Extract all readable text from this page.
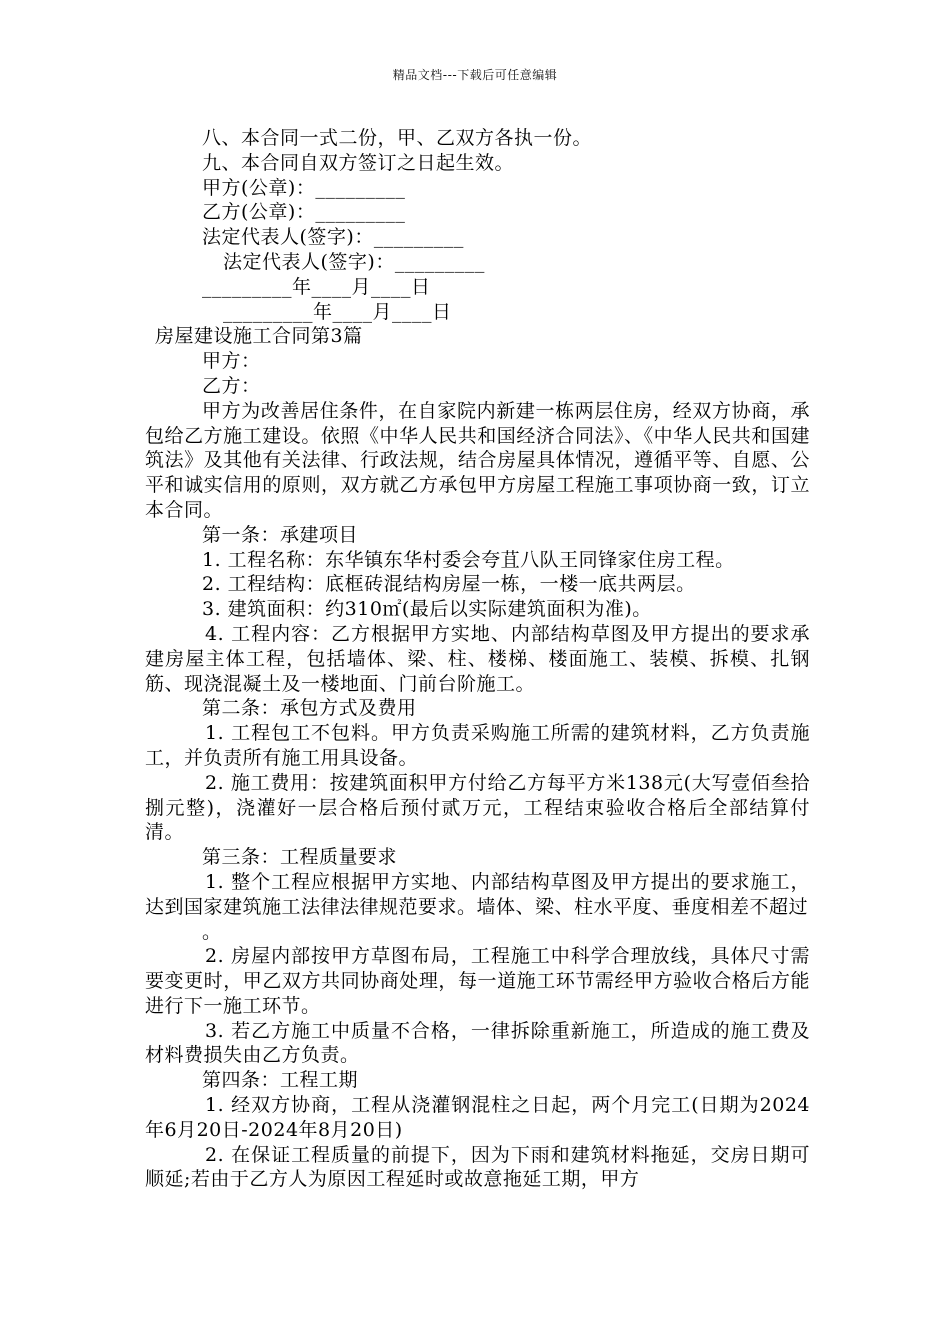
精品文档---下载后可任意编辑
八、本合同一式二份，甲、乙双方各执一份。
九、本合同自双方签订之日起生效。
甲方(公章)：_________
乙方(公章)：_________
法定代表人(签字)：_________
法定代表人(签字)：_________
_________年____月____日
_________年____月____日
房屋建设施工合同第3篇
甲方：
乙方：
甲方为改善居住条件，在自家院内新建一栋两层住房，经双方协商，承包给乙方施工建设。依照《中华人民共和国经济合同法》、《中华人民共和国建筑法》及其他有关法律、行政法规，结合房屋具体情况，遵循平等、自愿、公平和诚实信用的原则，双方就乙方承包甲方房屋工程施工事项协商一致，订立本合同。
第一条：承建项目
1. 工程名称：东华镇东华村委会夸苴八队王同锋家住房工程。
2. 工程结构：底框砖混结构房屋一栋，一楼一底共两层。
3. 建筑面积：约310㎡(最后以实际建筑面积为准)。
4. 工程内容：乙方根据甲方实地、内部结构草图及甲方提出的要求承建房屋主体工程，包括墙体、梁、柱、楼梯、楼面施工、装模、拆模、扎钢筋、现浇混凝土及一楼地面、门前台阶施工。
第二条：承包方式及费用
1. 工程包工不包料。甲方负责采购施工所需的建筑材料，乙方负责施工，并负责所有施工用具设备。
2. 施工费用：按建筑面积甲方付给乙方每平方米138元(大写壹佰叁拾捌元整)，浇灌好一层合格后预付贰万元，工程结束验收合格后全部结算付清。
第三条：工程质量要求
1. 整个工程应根据甲方实地、内部结构草图及甲方提出的要求施工，达到国家建筑施工法律法律规范要求。墙体、梁、柱水平度、垂度相差不超过
。
2. 房屋内部按甲方草图布局，工程施工中科学合理放线，具体尺寸需要变更时，甲乙双方共同协商处理，每一道施工环节需经甲方验收合格后方能进行下一施工环节。
3. 若乙方施工中质量不合格，一律拆除重新施工，所造成的施工费及材料费损失由乙方负责。
第四条：工程工期
1. 经双方协商，工程从浇灌钢混柱之日起，两个月完工(日期为2024年6月20日-2024年8月20日)
2. 在保证工程质量的前提下，因为下雨和建筑材料拖延，交房日期可顺延;若由于乙方人为原因工程延时或故意拖延工期，甲方
